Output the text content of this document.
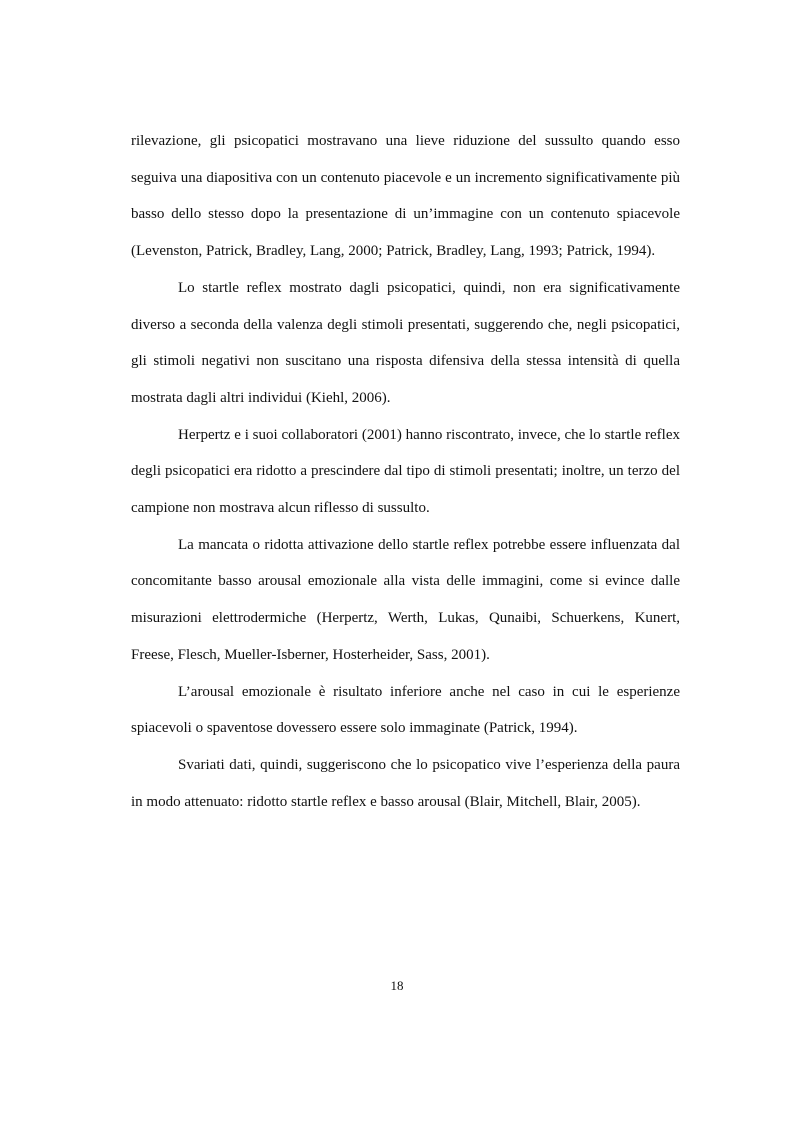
rilevazione, gli psicopatici mostravano una lieve riduzione del sussulto quando esso seguiva una diapositiva con un contenuto piacevole e un incremento significativamente più basso dello stesso dopo la presentazione di un’immagine con un contenuto spiacevole (Levenston, Patrick, Bradley, Lang, 2000; Patrick, Bradley, Lang, 1993; Patrick, 1994).

Lo startle reflex mostrato dagli psicopatici, quindi, non era significativamente diverso a seconda della valenza degli stimoli presentati, suggerendo che, negli psicopatici, gli stimoli negativi non suscitano una risposta difensiva della stessa intensità di quella mostrata dagli altri individui (Kiehl, 2006).

Herpertz e i suoi collaboratori (2001) hanno riscontrato, invece, che lo startle reflex degli psicopatici era ridotto a prescindere dal tipo di stimoli presentati; inoltre, un terzo del campione non mostrava alcun riflesso di sussulto.

La mancata o ridotta attivazione dello startle reflex potrebbe essere influenzata dal concomitante basso arousal emozionale alla vista delle immagini, come si evince dalle misurazioni elettrodermiche (Herpertz, Werth, Lukas, Qunaibi, Schuerkens, Kunert, Freese, Flesch, Mueller-Isberner, Hosterheider, Sass, 2001).

L’arousal emozionale è risultato inferiore anche nel caso in cui le esperienze spiacevoli o spaventose dovessero essere solo immaginate (Patrick, 1994).

Svariati dati, quindi, suggeriscono che lo psicopatico vive l’esperienza della paura in modo attenuato: ridotto startle reflex e basso arousal (Blair, Mitchell, Blair, 2005).

18
